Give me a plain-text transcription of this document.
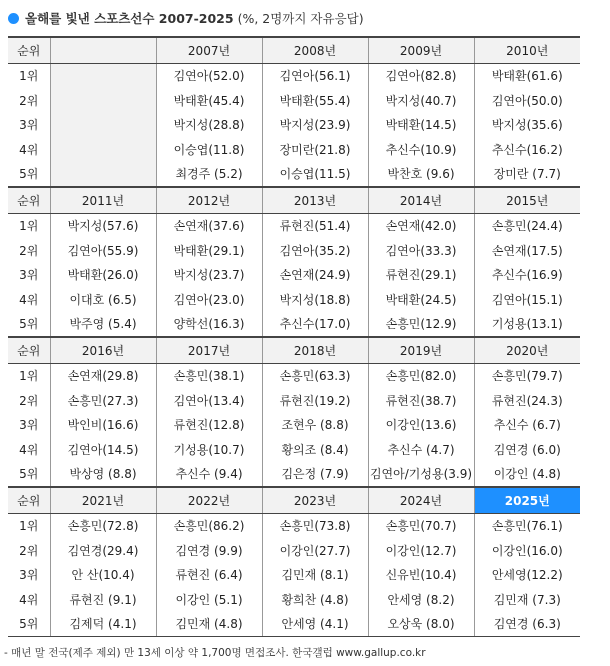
올해를 빛낸 스포츠선수 2007-2025 (%, 2명까지 자유응답)
순위		2007년	2008년	2009년	2010년
1위		김연아(52.0)	김연아(56.1)	김연아(82.8)	박태환(61.6)
2위		박태환(45.4)	박태환(55.4)	박지성(40.7)	김연아(50.0)
3위		박지성(28.8)	박지성(23.9)	박태환(14.5)	박지성(35.6)
4위		이승엽(11.8)	장미란(21.8)	추신수(10.9)	추신수(16.2)
5위		최경주 (5.2)	이승엽(11.5)	박찬호 (9.6)	장미란 (7.7)
순위	2011년	2012년	2013년	2014년	2015년
1위	박지성(57.6)	손연재(37.6)	류현진(51.4)	손연재(42.0)	손흥민(24.4)
2위	김연아(55.9)	박태환(29.1)	김연아(35.2)	김연아(33.3)	손연재(17.5)
3위	박태환(26.0)	박지성(23.7)	손연재(24.9)	류현진(29.1)	추신수(16.9)
4위	이대호 (6.5)	김연아(23.0)	박지성(18.8)	박태환(24.5)	김연아(15.1)
5위	박주영 (5.4)	양학선(16.3)	추신수(17.0)	손흥민(12.9)	기성용(13.1)
순위	2016년	2017년	2018년	2019년	2020년
1위	손연재(29.8)	손흥민(38.1)	손흥민(63.3)	손흥민(82.0)	손흥민(79.7)
2위	손흥민(27.3)	김연아(13.4)	류현진(19.2)	류현진(38.7)	류현진(24.3)
3위	박인비(16.6)	류현진(12.8)	조현우 (8.8)	이강인(13.6)	추신수 (6.7)
4위	김연아(14.5)	기성용(10.7)	황의조 (8.4)	추신수 (4.7)	김연경 (6.0)
5위	박상영 (8.8)	추신수 (9.4)	김은정 (7.9)	김연아/기성용(3.9)	이강인 (4.8)
순위	2021년	2022년	2023년	2024년	2025년
1위	손흥민(72.8)	손흥민(86.2)	손흥민(73.8)	손흥민(70.7)	손흥민(76.1)
2위	김연경(29.4)	김연경 (9.9)	이강인(27.7)	이강인(12.7)	이강인(16.0)
3위	안 산(10.4)	류현진 (6.4)	김민재 (8.1)	신유빈(10.4)	안세영(12.2)
4위	류현진 (9.1)	이강인 (5.1)	황희찬 (4.8)	안세영 (8.2)	김민재 (7.3)
5위	김제덕 (4.1)	김민재 (4.8)	안세영 (4.1)	오상욱 (8.0)	김연경 (6.3)
- 매년 말 전국(제주 제외) 만 13세 이상 약 1,700명 면접조사. 한국갤럽 www.gallup.co.kr
